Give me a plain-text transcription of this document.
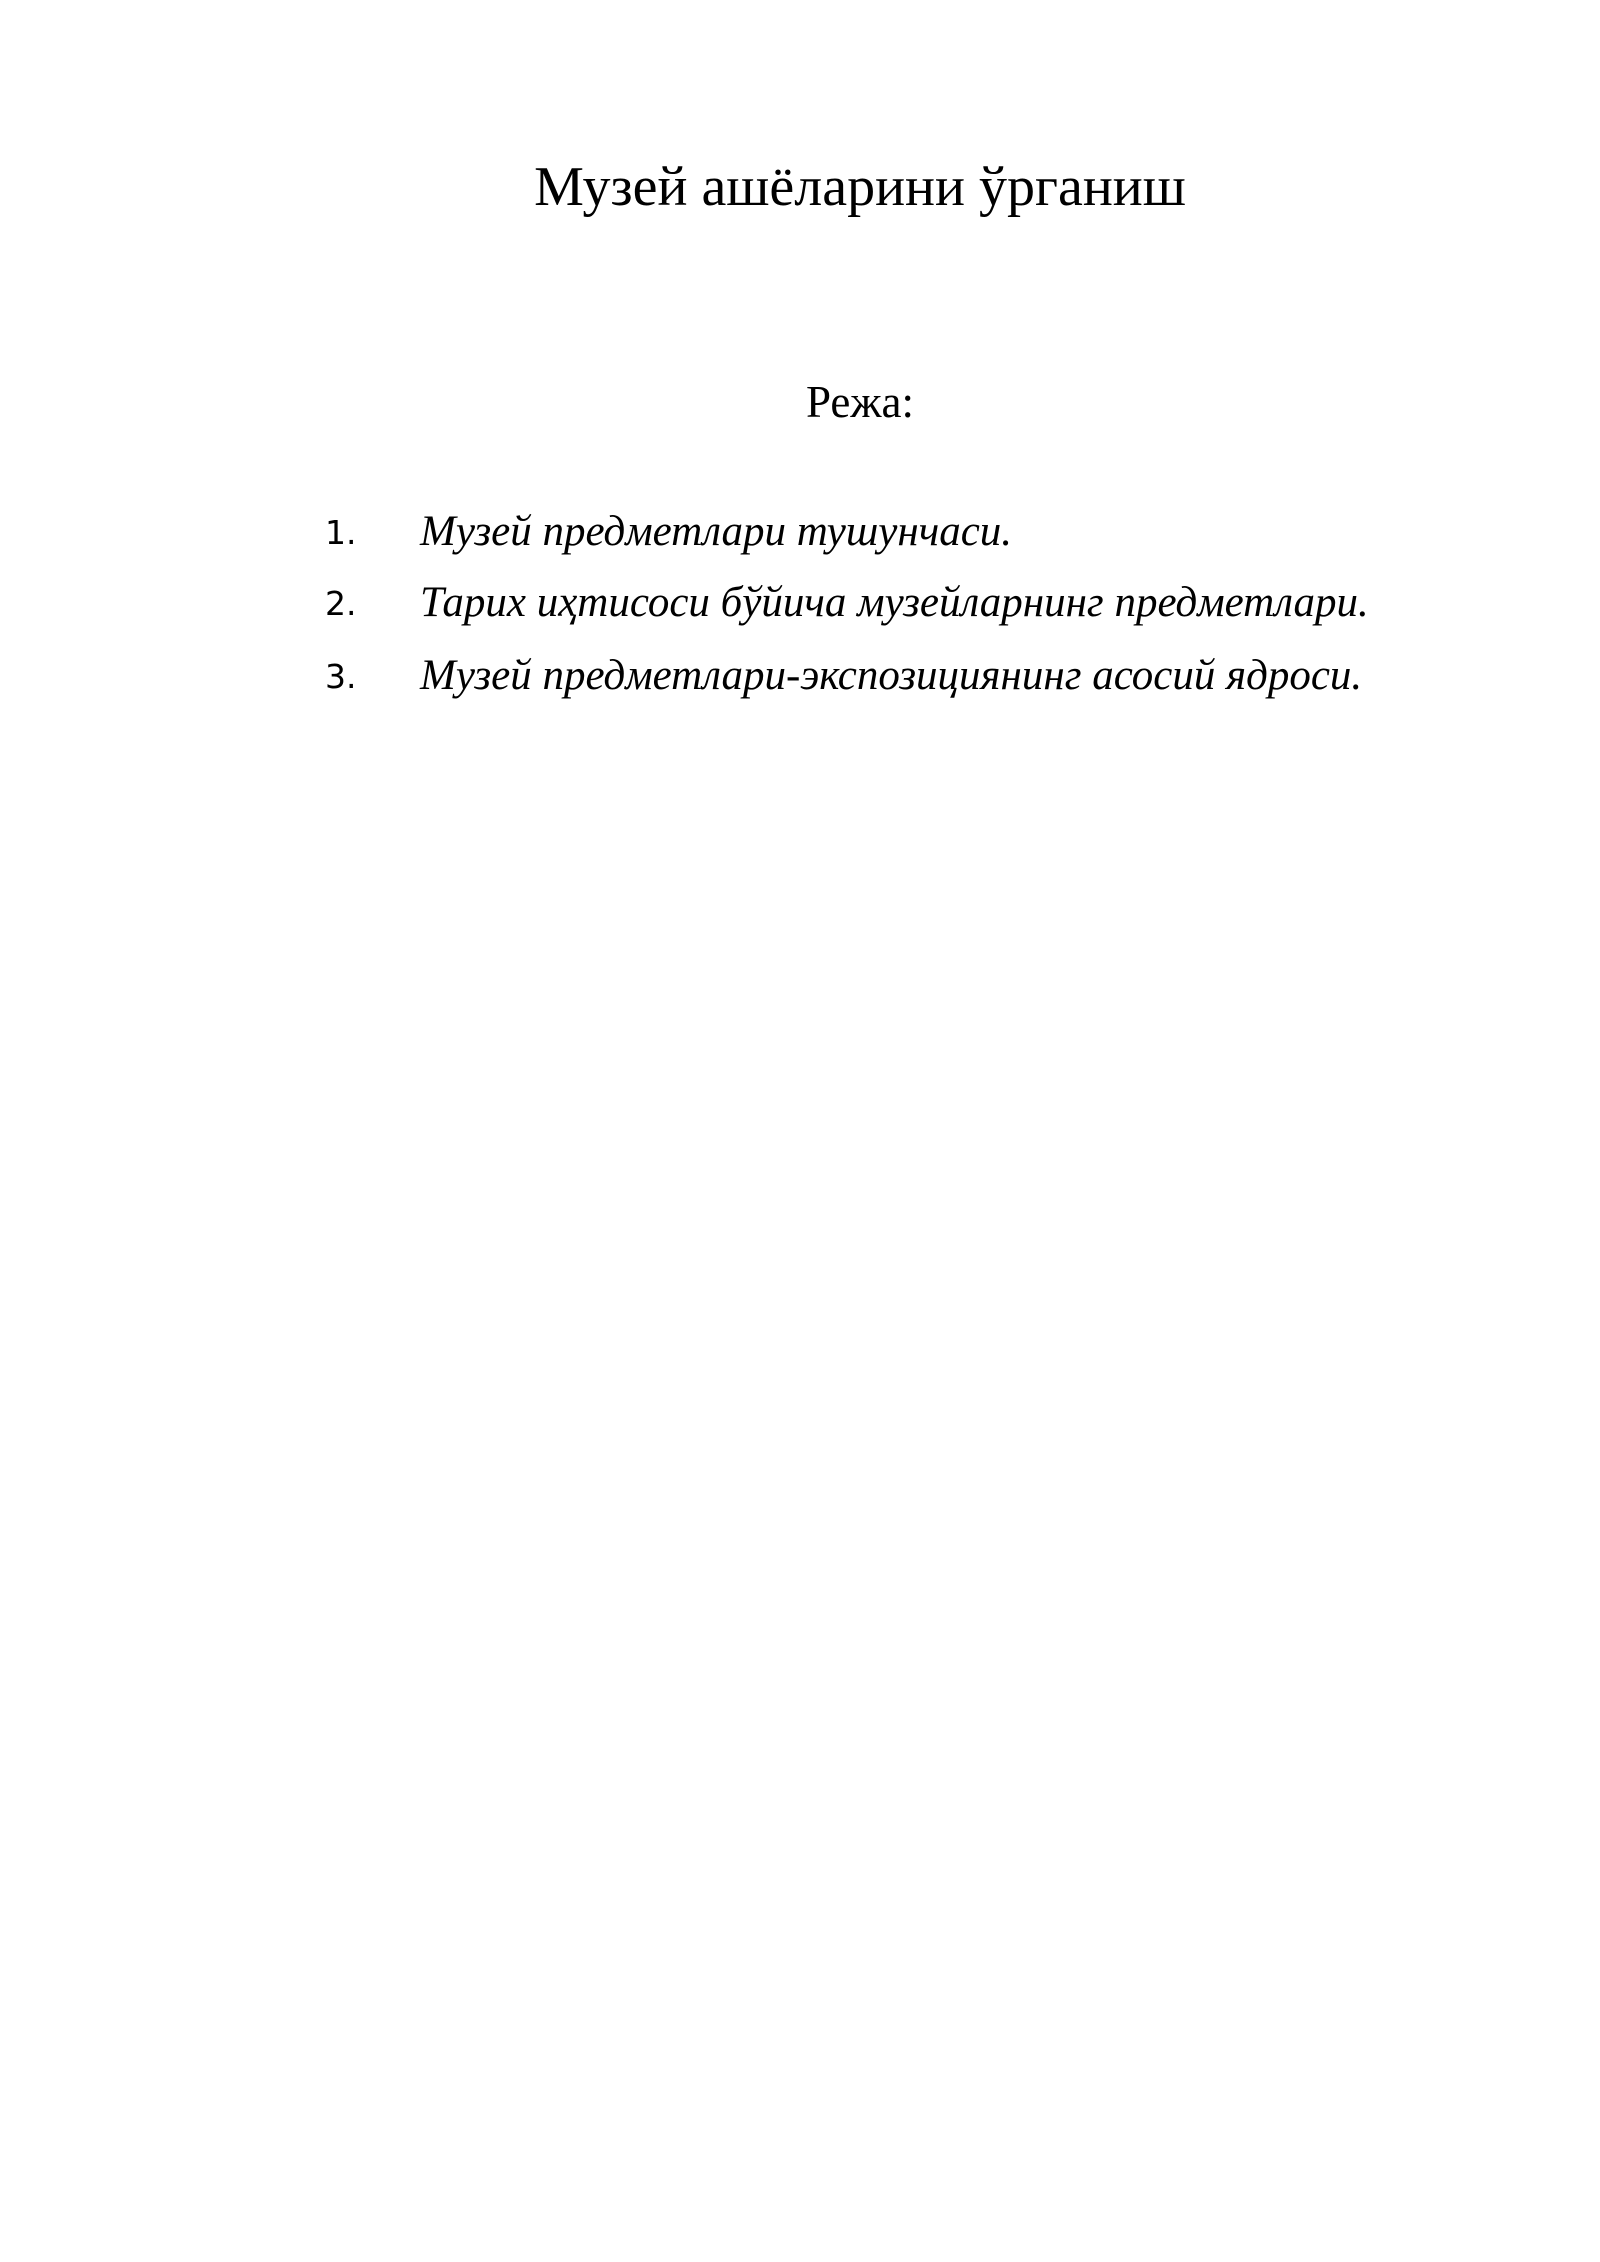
Музей ашёларини ўрганиш
Режа:
1. Музей предметлари тушунчаси.
2. Тарих иҳтисоси бўйича музейларнинг предметлари.
3. Музей предметлари-экспозициянинг асосий ядроси.
